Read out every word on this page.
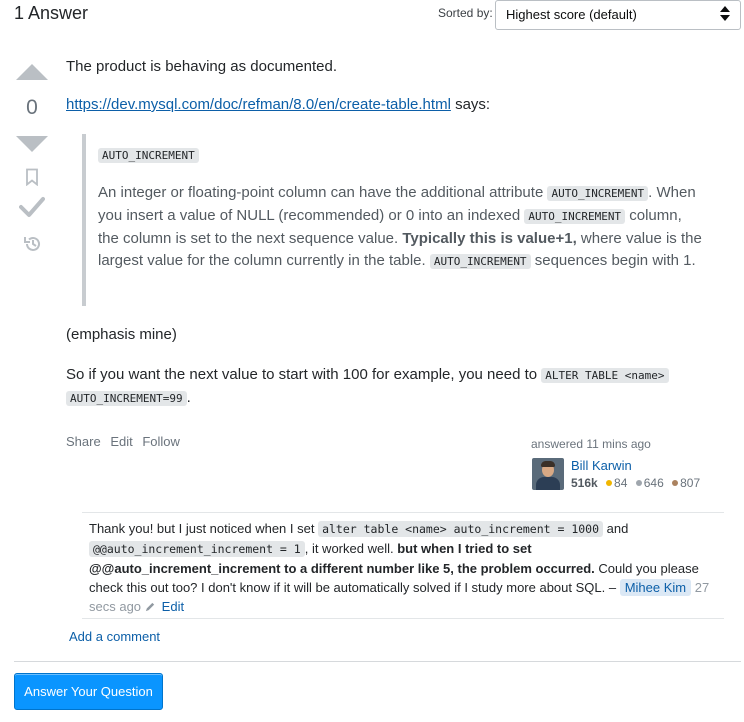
1 Answer	Sorted by:	Highest score (default)
0
The product is behaving as documented.
https://dev.mysql.com/doc/refman/8.0/en/create-table.html says:
AUTO_INCREMENT
An integer or floating-point column can have the additional attribute AUTO_INCREMENT . When you insert a value of NULL (recommended) or 0 into an indexed AUTO_INCREMENT column, the column is set to the next sequence value. Typically this is value+1, where value is the largest value for the column currently in the table. AUTO_INCREMENT sequences begin with 1.
(emphasis mine)
So if you want the next value to start with 100 for example, you need to ALTER TABLE <name>
AUTO_INCREMENT=99 .
Share Edit Follow	answered 11 mins ago
Bill Karwin
516k 84 646 807
Thank you! but I just noticed when I set alter table <name> auto_increment = 1000 and @@auto_increment_increment = 1 , it worked well. but when I tried to set @@auto_increment_increment to a different number like 5, the problem occurred. Could you please check this out too? I don't know if it will be automatically solved if I study more about SQL. – Mihee Kim 27 secs ago Edit
Add a comment
Answer Your Question
